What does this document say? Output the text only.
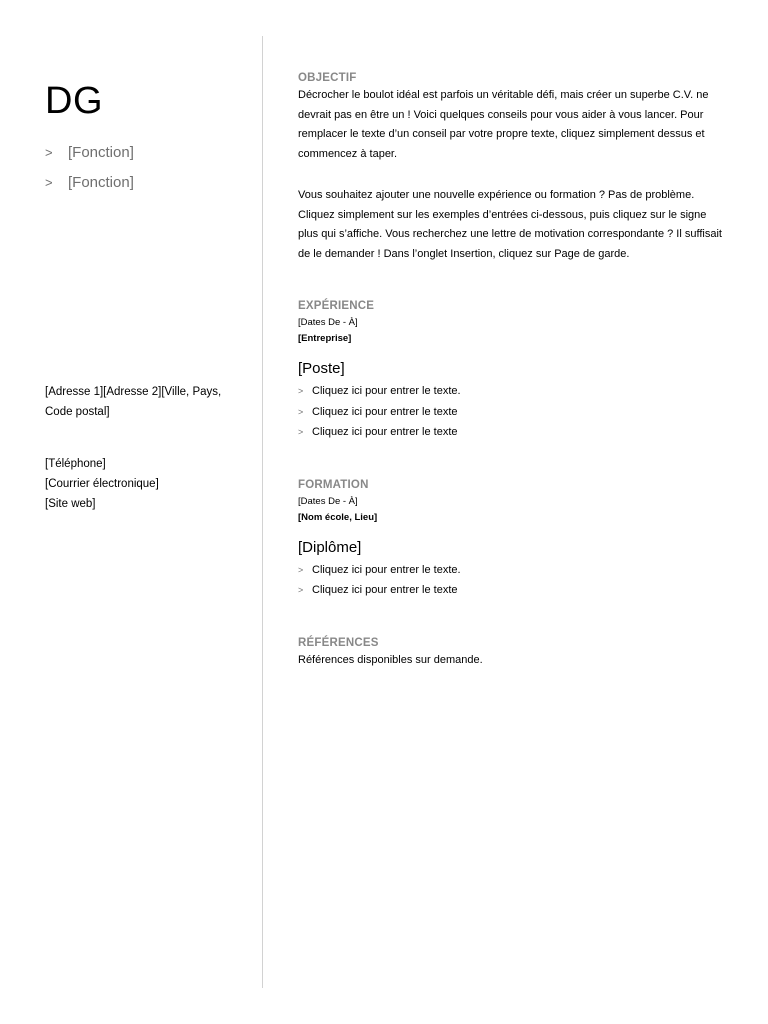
DG
>	[Fonction]
>	[Fonction]
[Adresse 1][Adresse 2][Ville, Pays, Code postal]
[Téléphone]
[Courrier électronique]
[Site web]
OBJECTIF

Décrocher le boulot idéal est parfois un véritable défi, mais créer un superbe C.V. ne devrait pas en être un ! Voici quelques conseils pour vous aider à vous lancer. Pour remplacer le texte d’un conseil par votre propre texte, cliquez simplement dessus et commencez à taper.

Vous souhaitez ajouter une nouvelle expérience ou formation ? Pas de problème. Cliquez simplement sur les exemples d’entrées ci-dessous, puis cliquez sur le signe plus qui s’affiche. Vous recherchez une lettre de motivation correspondante ? Il suffisait de le demander ! Dans l’onglet Insertion, cliquez sur Page de garde.

EXPÉRIENCE

[Dates De - À]

[Entreprise]

[Poste]

> Cliquez ici pour entrer le texte.
> Cliquez ici pour entrer le texte
> Cliquez ici pour entrer le texte
FORMATION

[Dates De - À]

[Nom école, Lieu]

[Diplôme]

> Cliquez ici pour entrer le texte.
> Cliquez ici pour entrer le texte
RÉFÉRENCES

Références disponibles sur demande.
